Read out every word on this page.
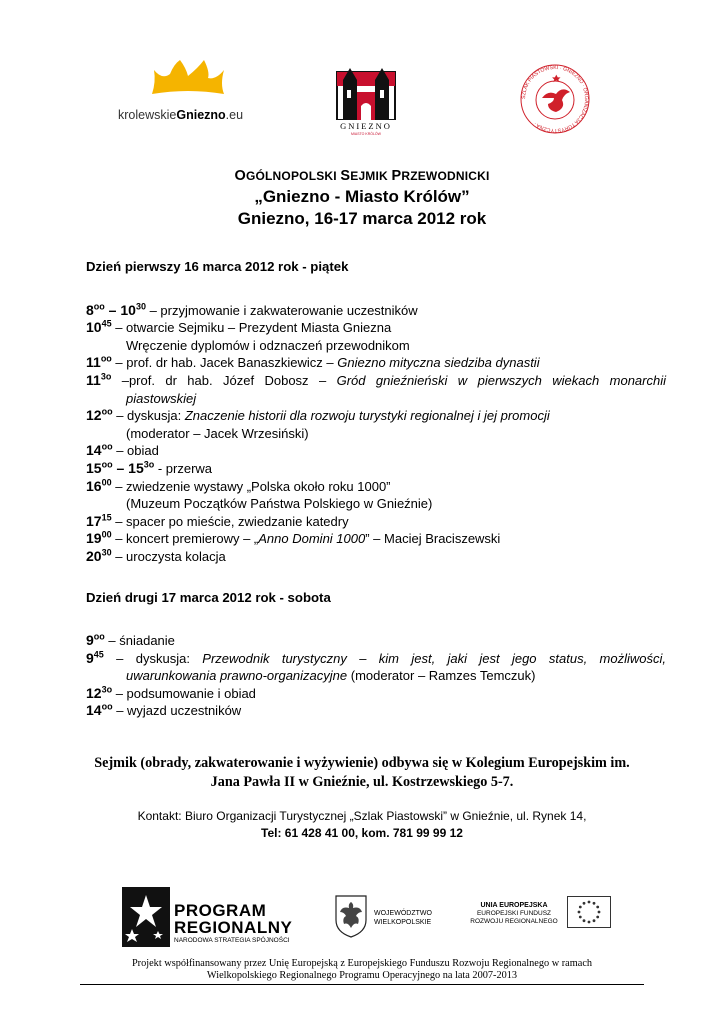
krolewskieGniezno.eu
GNIEZNO
MIASTO KRÓLÓW
SZLAK PIASTOWSKI · GNIEZNO · ORGANIZACJA TURYSTYCZNA ·
OGÓLNOPOLSKI SEJMIK PRZEWODNICKI
„Gniezno - Miasto Królów”
Gniezno, 16-17 marca 2012 rok
Dzień pierwszy 16 marca 2012 rok - piątek
$8^{oo} - 10^{30}$ – przyjmowanie i zakwaterowanie uczestników
$10^{45}$ – otwarcie Sejmiku – Prezydent Miasta Gniezna
Wręczenie dyplomów i odznaczeń przewodnikom
$11^{oo}$ – prof. dr hab. Jacek Banaszkiewicz – Gniezno mityczna siedziba dynastii
$11^{3o}$ –prof. dr hab. Józef Dobosz – Gród gnieźnieński w pierwszych wiekach monarchii
piastowskiej
$12^{oo}$ – dyskusja: Znaczenie historii dla rozwoju turystyki regionalnej i jej promocji
(moderator – Jacek Wrzesiński)
$14^{oo}$ – obiad
$15^{oo} - 15^{3o}$ - przerwa
$16^{00}$ – zwiedzenie wystawy „Polska około roku 1000”
(Muzeum Początków Państwa Polskiego w Gnieźnie)
$17^{15}$ – spacer po mieście, zwiedzanie katedry
$19^{00}$ – koncert premierowy – „Anno Domini 1000” – Maciej Braciszewski
$20^{30}$ – uroczysta kolacja
Dzień drugi 17 marca 2012 rok - sobota
$9^{oo}$ – śniadanie
$9^{45}$ – dyskusja: Przewodnik turystyczny – kim jest, jaki jest jego status, możliwości,
uwarunkowania prawno-organizacyjne (moderator – Ramzes Temczuk)
$12^{3o}$ – podsumowanie i obiad
$14^{oo}$ – wyjazd uczestników
Sejmik (obrady, zakwaterowanie i wyżywienie) odbywa się w Kolegium Europejskim im.
Jana Pawła II w Gnieźnie, ul. Kostrzewskiego 5-7.
Kontakt: Biuro Organizacji Turystycznej „Szlak Piastowski” w Gnieźnie, ul. Rynek 14,
Tel: 61 428 41 00, kom. 781 99 99 12
PROGRAM
REGIONALNY
NARODOWA STRATEGIA SPÓJNOŚCI
WOJEWÓDZTWO
WIELKOPOLSKIE
UNIA EUROPEJSKA
EUROPEJSKI FUNDUSZ
ROZWOJU REGIONALNEGO
Projekt współfinansowany przez Unię Europejską z Europejskiego Funduszu Rozwoju Regionalnego w ramach
Wielkopolskiego Regionalnego Programu Operacyjnego na lata 2007-2013
